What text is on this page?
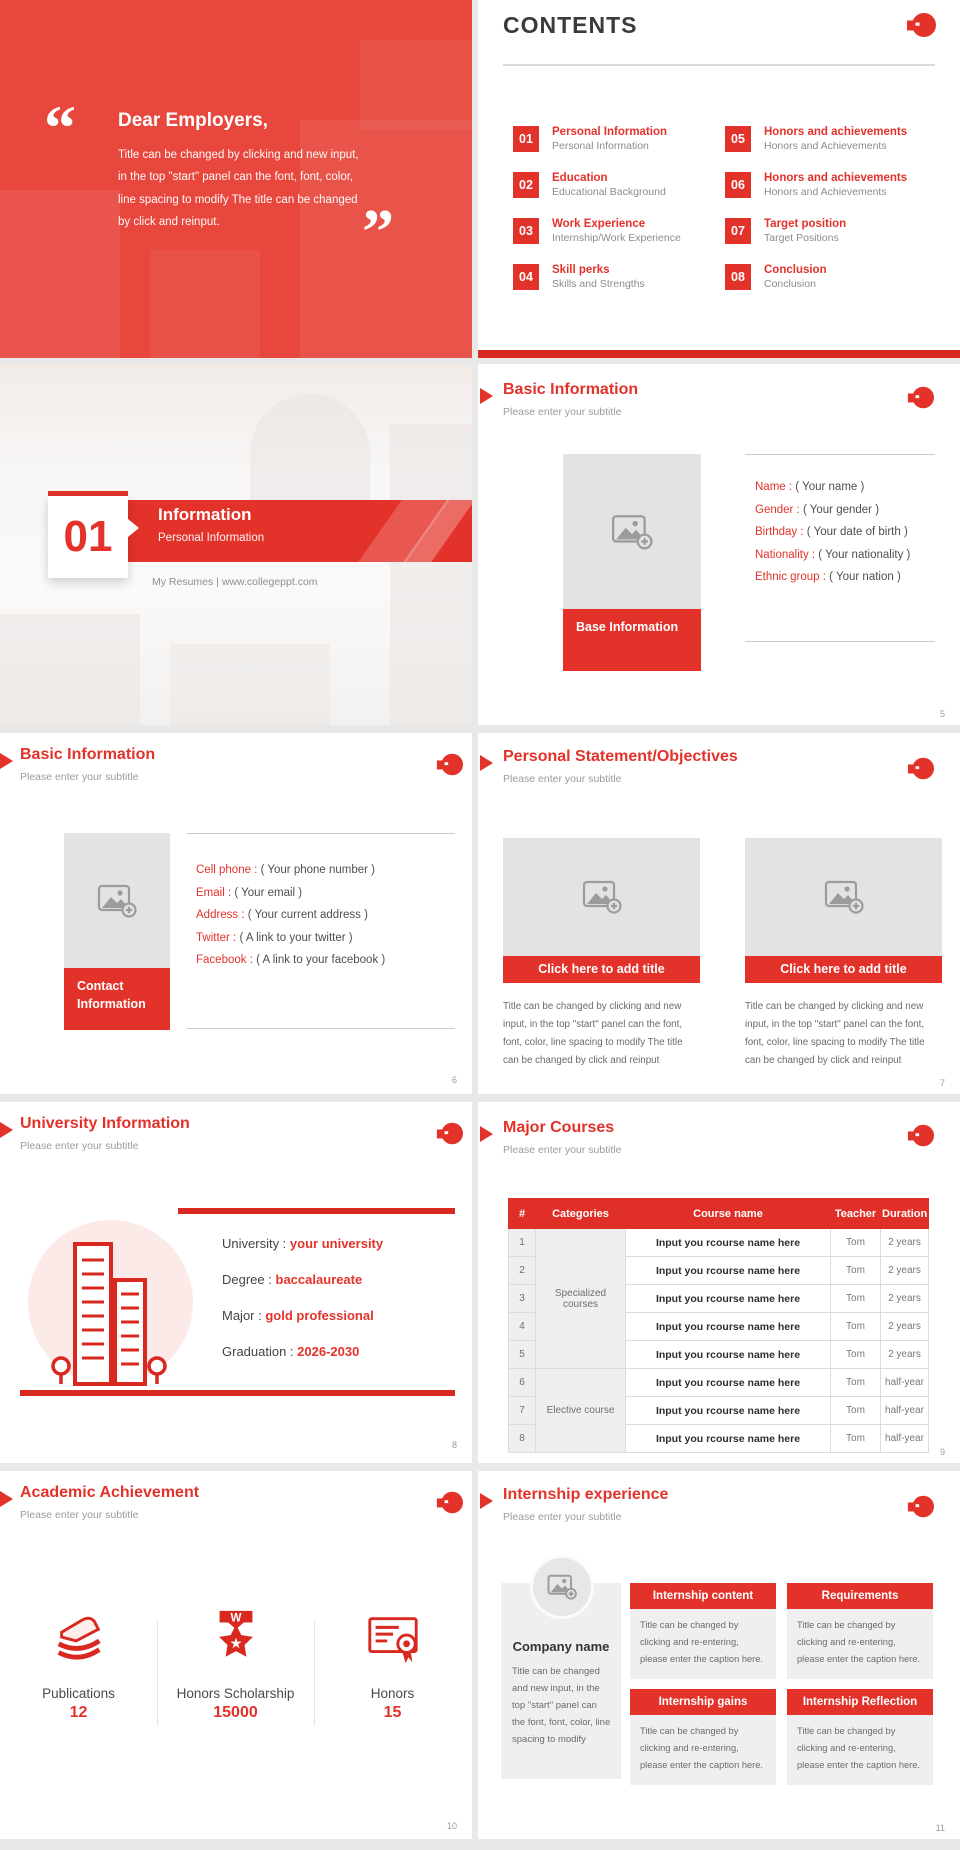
“ Dear Employers,
Title can be changed by clicking and new input, in the top "start" panel can the font, font, color, line spacing to modify The title can be changed by click and reinput.	”
CONTENTS
01	Personal Information
Personal Information
02	Education
Educational Background
03	Work Experience
Internship/Work Experience
04	Skill perks
Skills and Strengths
05	Honors and achievements
Honors and Achievements
06	Honors and achievements
Honors and Achievements
07	Target position
Target Positions
08	Conclusion
Conclusion
01	Information
Personal Information
My Resumes | www.collegeppt.com
Basic Information
Please enter your subtitle
Base Information
Name : ( Your name )
Gender : ( Your gender )
Birthday : ( Your date of birth )
Nationality : ( Your nationality )
Ethnic group : ( Your nation )
5
Basic Information
Please enter your subtitle
Contact Information
Cell phone : ( Your phone number )
Email : ( Your email )
Address : ( Your current address )
Twitter : ( A link to your twitter )
Facebook : ( A link to your facebook )
6
Personal Statement/Objectives
Please enter your subtitle
Click here to add title
Title can be changed by clicking and new input, in the top "start" panel can the font, font, color, line spacing to modify The title can be changed by click and reinput
Click here to add title
Title can be changed by clicking and new input, in the top "start" panel can the font, font, color, line spacing to modify The title can be changed by click and reinput
7
University Information
Please enter your subtitle
University : your university
Degree : baccalaureate
Major : gold professional
Graduation : 2026-2030
8
Major Courses
Please enter your subtitle
#	Categories	Course name	Teacher	Duration
1	Specialized courses	Input you rcourse name here	Tom	2 years
2		Input you rcourse name here	Tom	2 years
3		Input you rcourse name here	Tom	2 years
4		Input you rcourse name here	Tom	2 years
5		Input you rcourse name here	Tom	2 years
6	Elective course	Input you rcourse name here	Tom	half-year
7		Input you rcourse name here	Tom	half-year
8		Input you rcourse name here	Tom	half-year
9
Academic Achievement
Please enter your subtitle
Publications
12
W
★
Honors Scholarship
15000
Honors
15
10
Internship experience
Please enter your subtitle
Company name
Title can be changed and new input, in the top "start" panel can the font, font, color, line spacing to modify
Internship content
Title can be changed by clicking and re-entering, please enter the caption here.
Requirements
Title can be changed by clicking and re-entering, please enter the caption here.
Internship gains
Title can be changed by clicking and re-entering, please enter the caption here.
Internship Reflection
Title can be changed by clicking and re-entering, please enter the caption here.
11
